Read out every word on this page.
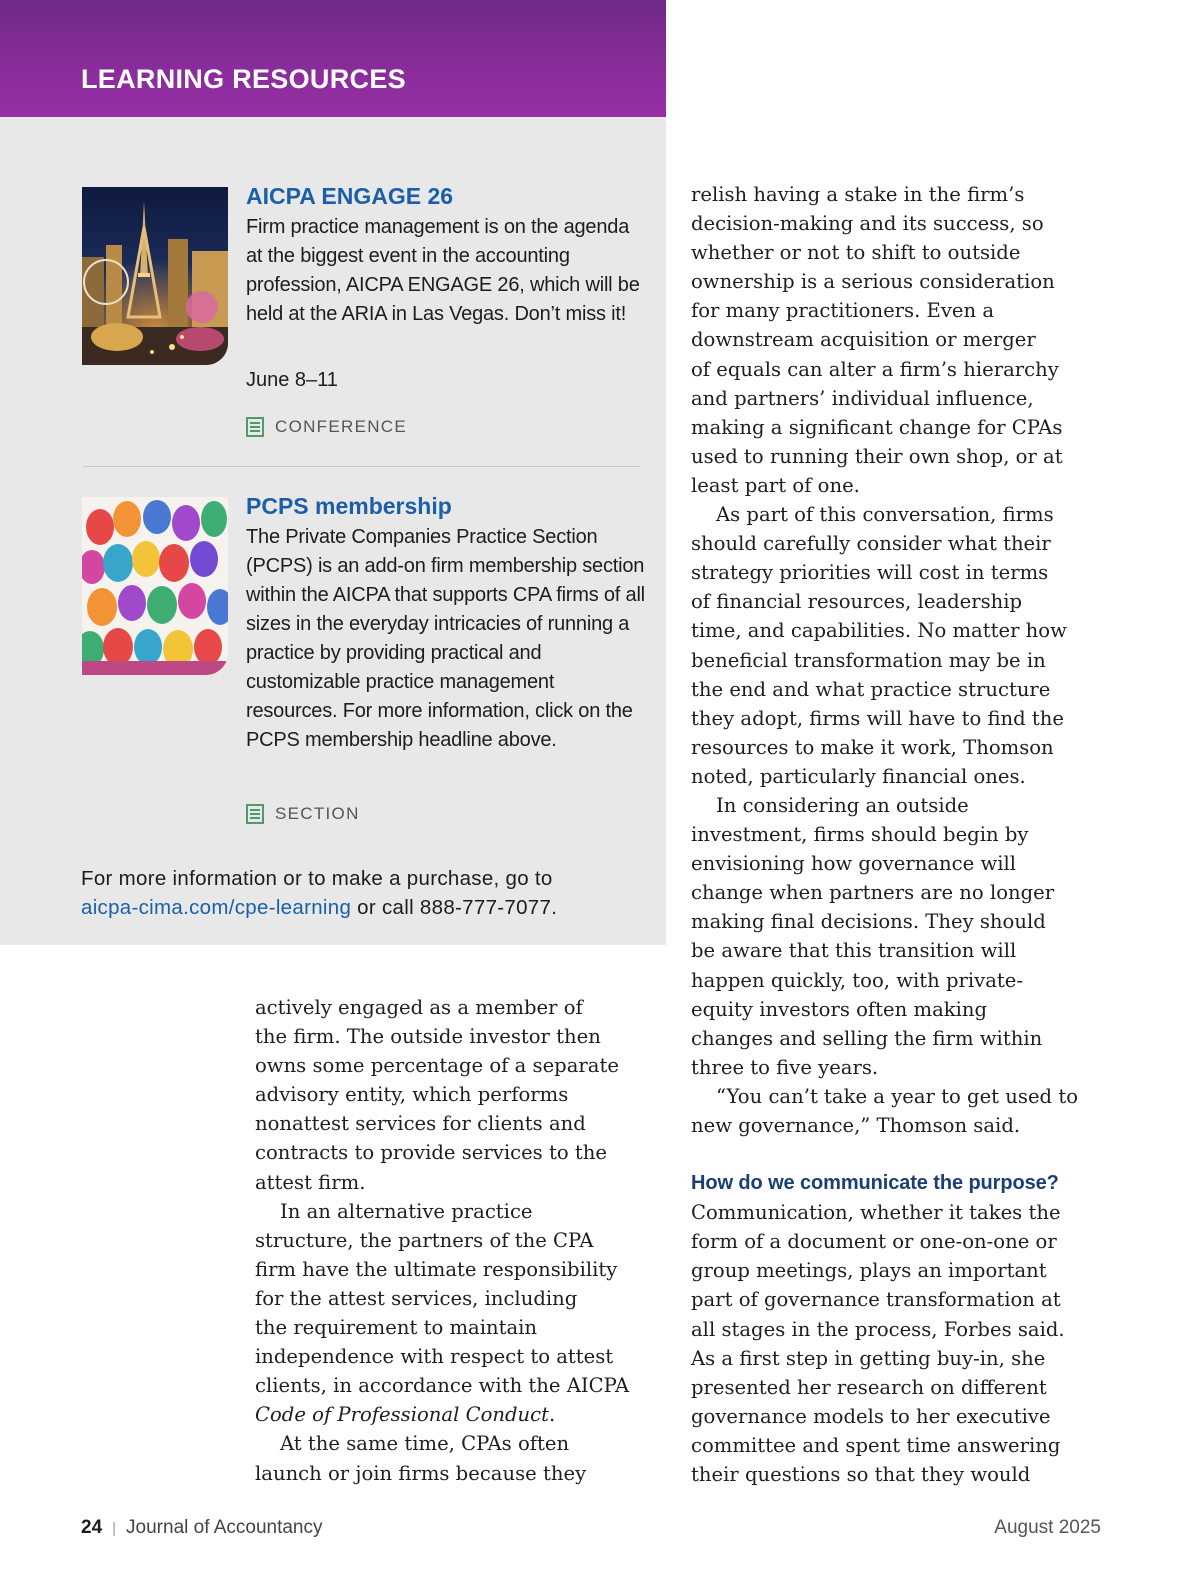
LEARNING RESOURCES
AICPA ENGAGE 26

Firm practice management is on the agenda at the biggest event in the accounting profession, AICPA ENGAGE 26, which will be held at the ARIA in Las Vegas. Don’t miss it!

June 8–11

CONFERENCE
PCPS membership

The Private Companies Practice Section (PCPS) is an add-on firm membership section within the AICPA that supports CPA firms of all sizes in the everyday intricacies of running a practice by providing practical and customizable practice management resources. For more information, click on the PCPS membership headline above.

SECTION

For more information or to make a purchase, go to
aicpa-cima.com/cpe-learning or call 888-777-7077.

actively engaged as a member of
the firm. The outside investor then
owns some percentage of a separate
advisory entity, which performs
nonattest services for clients and
contracts to provide services to the
attest firm.

In an alternative practice
structure, the partners of the CPA
firm have the ultimate responsibility
for the attest services, including
the requirement to maintain
independence with respect to attest
clients, in accordance with the AICPA
Code of Professional Conduct.

At the same time, CPAs often
launch or join firms because they

relish having a stake in the firm’s
decision-making and its success, so
whether or not to shift to outside
ownership is a serious consideration
for many practitioners. Even a
downstream acquisition or merger
of equals can alter a firm’s hierarchy
and partners’ individual influence,
making a significant change for CPAs
used to running their own shop, or at
least part of one.

As part of this conversation, firms
should carefully consider what their
strategy priorities will cost in terms
of financial resources, leadership
time, and capabilities. No matter how
beneficial transformation may be in
the end and what practice structure
they adopt, firms will have to find the
resources to make it work, Thomson
noted, particularly financial ones.

In considering an outside
investment, firms should begin by
envisioning how governance will
change when partners are no longer
making final decisions. They should
be aware that this transition will
happen quickly, too, with private-
equity investors often making
changes and selling the firm within
three to five years.

“You can’t take a year to get used to
new governance,” Thomson said.

How do we communicate the purpose?

Communication, whether it takes the
form of a document or one-on-one or
group meetings, plays an important
part of governance transformation at
all stages in the process, Forbes said.
As a first step in getting buy-in, she
presented her research on different
governance models to her executive
committee and spent time answering
their questions so that they would

24 | Journal of Accountancy	August 2025
